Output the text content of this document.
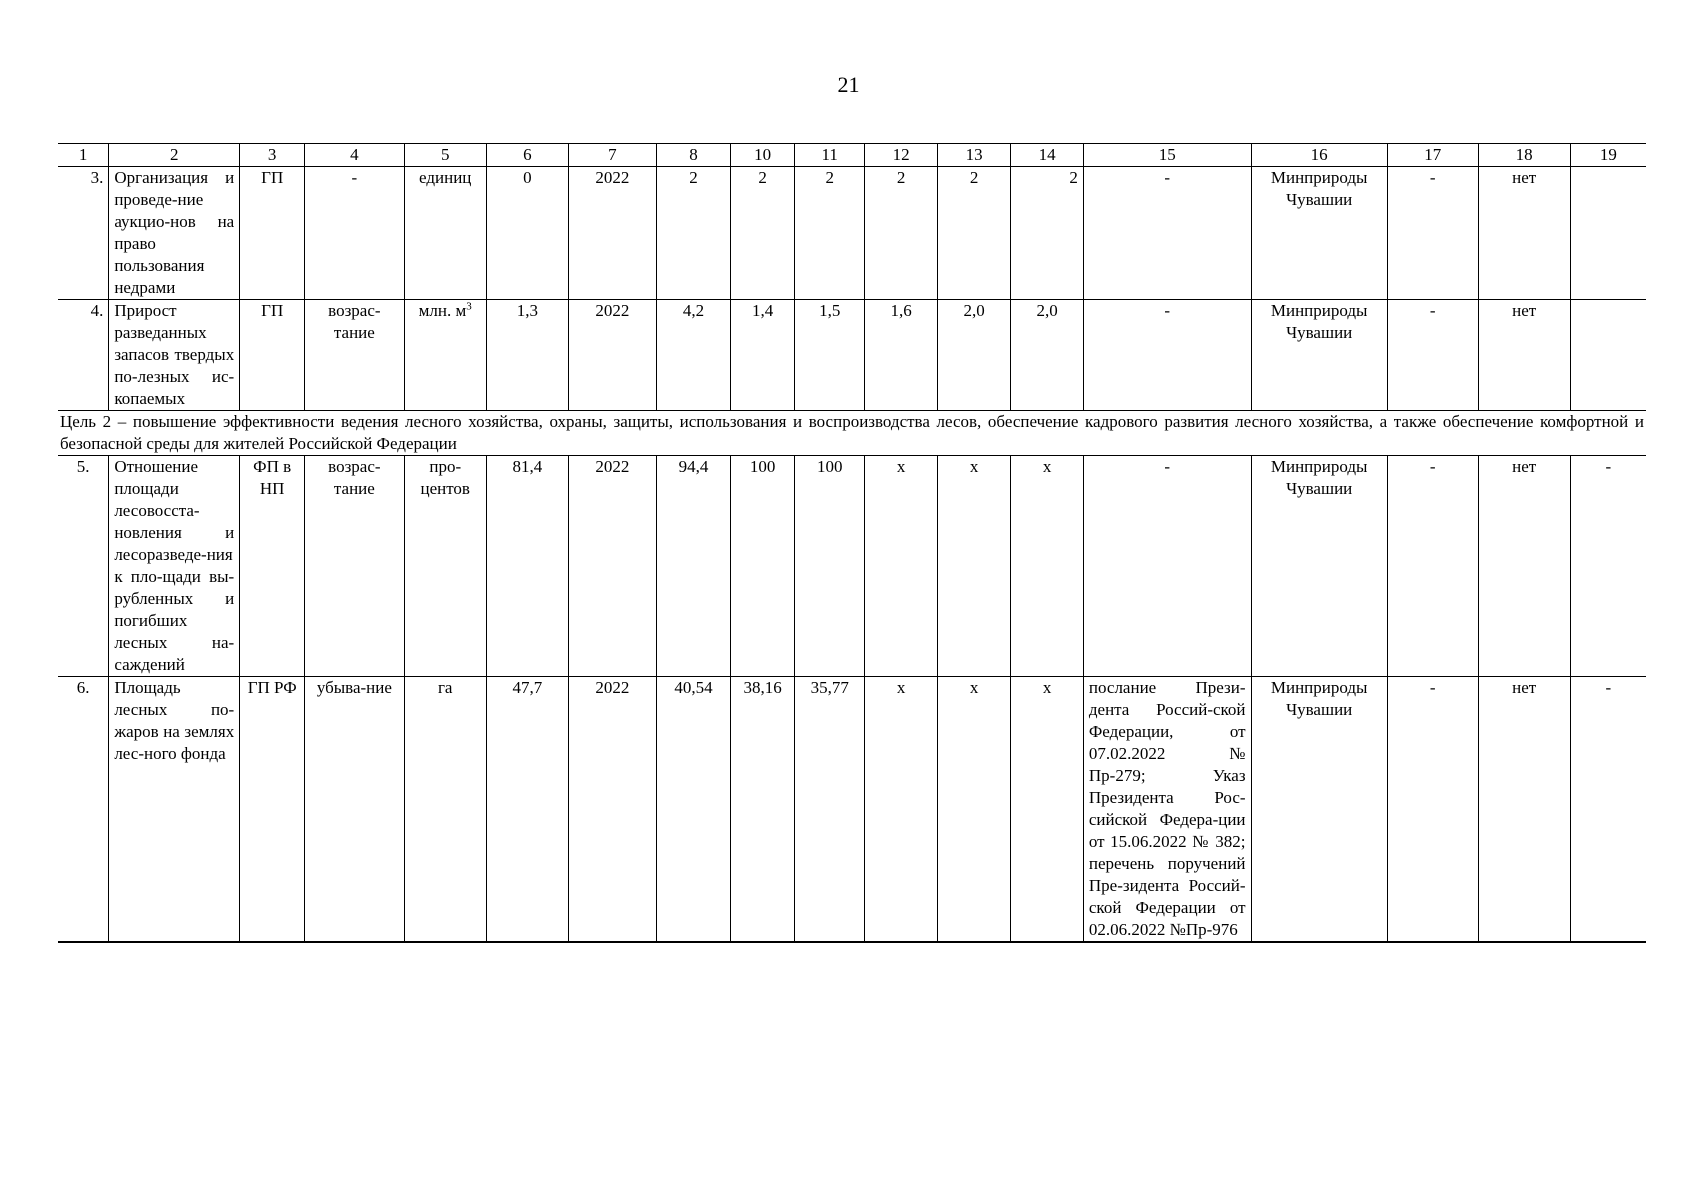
21
1	2	3	4	5	6	7	8	10	11	12	13	14	15	16	17	18	19
3.	Организация и проведе-ние аукцио-нов на право пользования недрами	ГП	-	единиц	0	2022	2	2	2	2	2	2	-	Минприроды Чувашии	-	нет	
4.	Прирост разведанных запасов твердых по-лезных ис-копаемых	ГП	возрас-тание	млн. $м^3$	1,3	2022	4,2	1,4	1,5	1,6	2,0	2,0	-	Минприроды Чувашии	-	нет	
Цель 2 – повышение эффективности ведения лесного хозяйства, охраны, защиты, использования и воспроизводства лесов, обеспечение кадрового развития лесного хозяйства, а также обеспечение комфортной и безопасной среды для жителей Российской Федерации																	
5.	Отношение площади лесовосста-новления и лесоразведе-ния к пло-щади вы-рубленных и погибших лесных на-саждений	ФП в НП	возрас-тание	про-центов	81,4	2022	94,4	100	100	х	х	х	-	Минприроды Чувашии	-	нет	-
6.	Площадь лесных по-жаров на землях лес-ного фонда	ГП РФ	убыва-ние	га	47,7	2022	40,54	38,16	35,77	х	х	х	послание Прези-дента Россий-ской Федерации, от 07.02.2022 № Пр-279; Указ Президента Рос-сийской Федера-ции от 15.06.2022 № 382; перечень поручений Пре-зидента Россий-ской Федерации от 02.06.2022 №Пр-976	Минприроды Чувашии	-	нет	-
